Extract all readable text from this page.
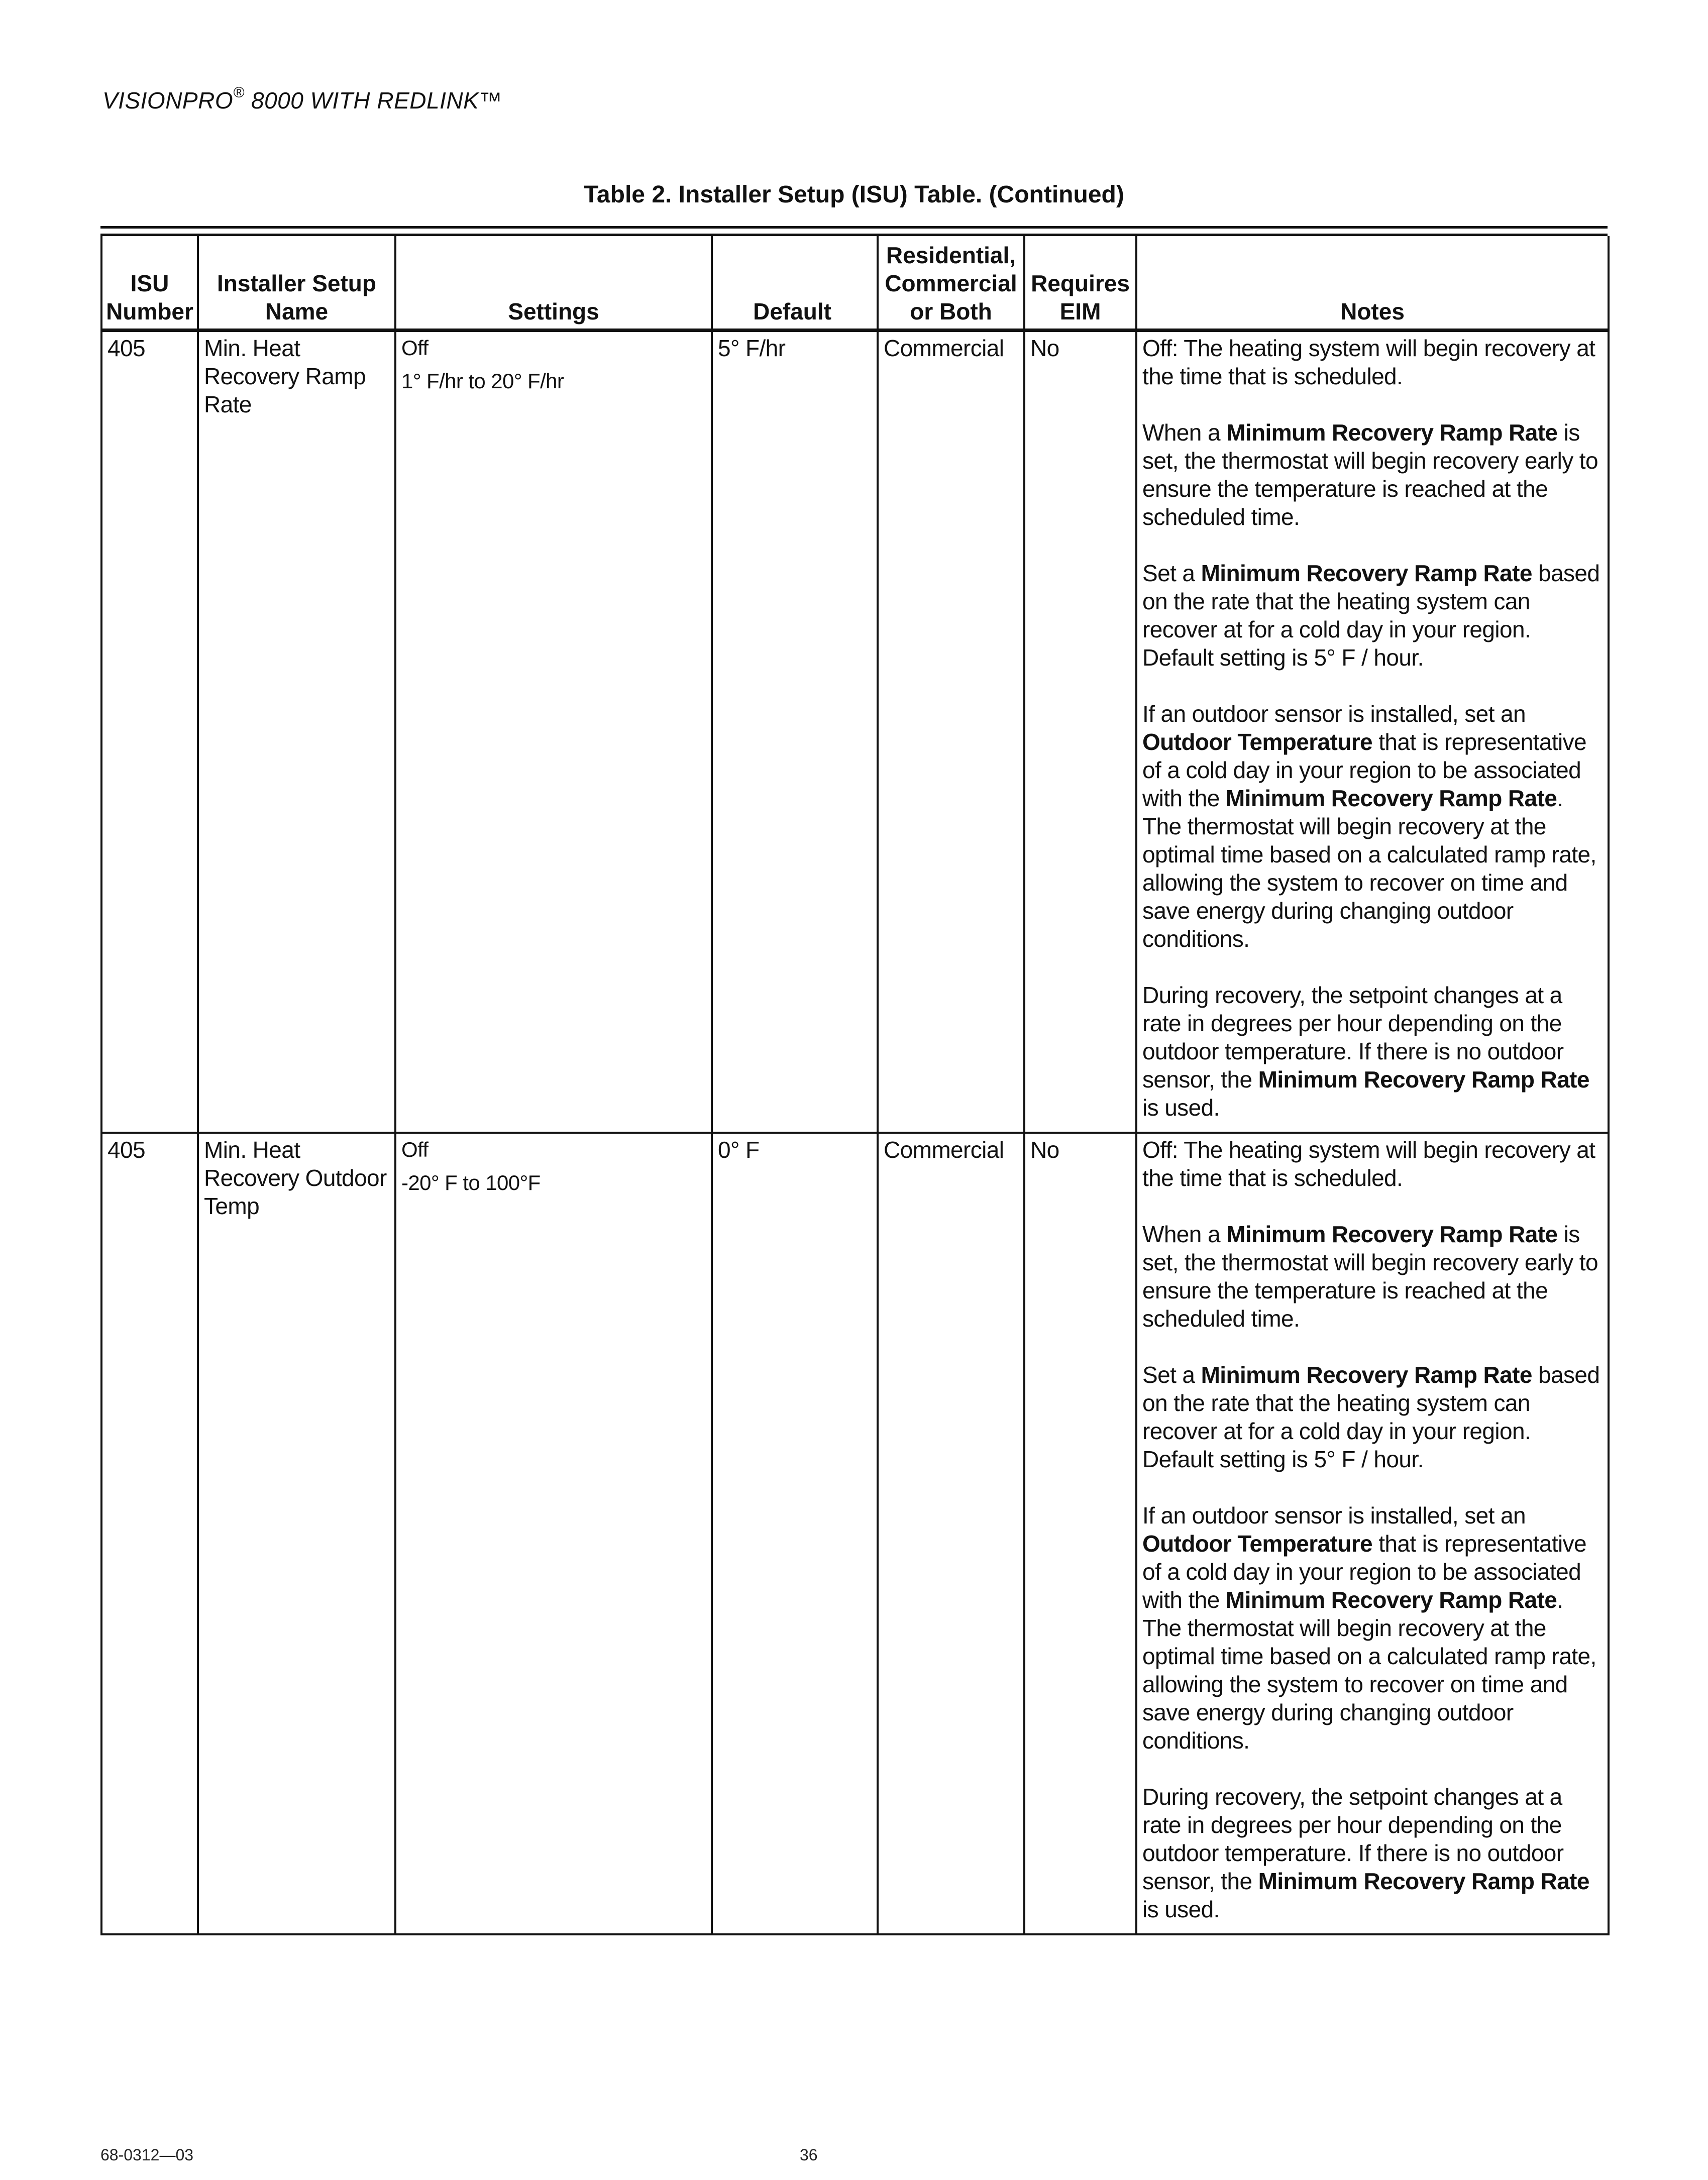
VISIONPRO® 8000 WITH REDLINK™
Table 2. Installer Setup (ISU) Table. (Continued)
ISU
Number	Installer Setup
Name	Settings	Default	Residential,
Commercial
or Both	Requires
EIM	Notes
405	Min. Heat Recovery Ramp Rate	Off
1° F/hr to 20° F/hr	5° F/hr	Commercial	No	Off: The heating system will begin recovery at the time that is scheduled.
When a Minimum Recovery Ramp Rate is set, the thermostat will begin recovery early to ensure the temperature is reached at the scheduled time.
Set a Minimum Recovery Ramp Rate based on the rate that the heating system can recover at for a cold day in your region. Default setting is 5° F / hour.
If an outdoor sensor is installed, set an Outdoor Temperature that is representative of a cold day in your region to be associated with the Minimum Recovery Ramp Rate. The thermostat will begin recovery at the optimal time based on a calculated ramp rate, allowing the system to recover on time and save energy during changing outdoor conditions.
During recovery, the setpoint changes at a rate in degrees per hour depending on the outdoor temperature. If there is no outdoor sensor, the Minimum Recovery Ramp Rate is used.

405	Min. Heat Recovery Outdoor Temp	Off
-20° F to 100°F	0° F	Commercial	No	Off: The heating system will begin recovery at the time that is scheduled.
When a Minimum Recovery Ramp Rate is set, the thermostat will begin recovery early to ensure the temperature is reached at the scheduled time.
Set a Minimum Recovery Ramp Rate based on the rate that the heating system can recover at for a cold day in your region. Default setting is 5° F / hour.
If an outdoor sensor is installed, set an Outdoor Temperature that is representative of a cold day in your region to be associated with the Minimum Recovery Ramp Rate. The thermostat will begin recovery at the optimal time based on a calculated ramp rate, allowing the system to recover on time and save energy during changing outdoor conditions.
During recovery, the setpoint changes at a rate in degrees per hour depending on the outdoor temperature. If there is no outdoor sensor, the Minimum Recovery Ramp Rate is used.
68-0312—03	36
